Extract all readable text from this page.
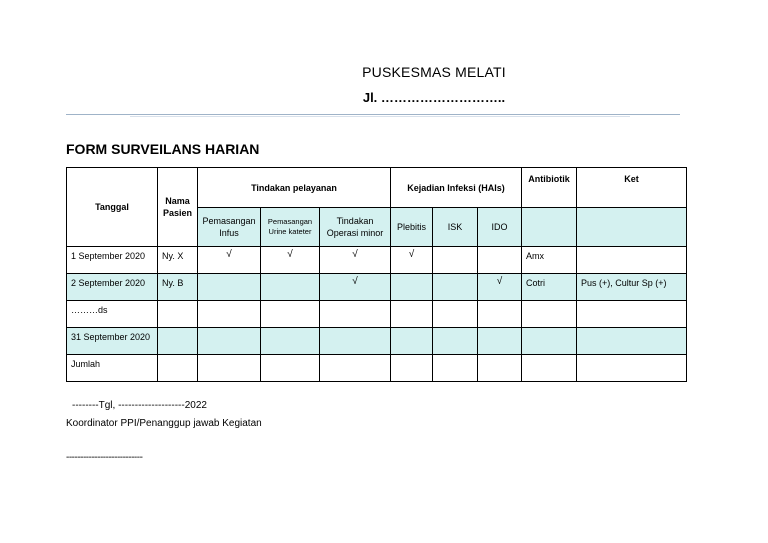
PUSKESMAS MELATI
Jl. ………………………..
FORM SURVEILANS HARIAN
Tanggal	Nama Pasien	Tindakan pelayanan			Kejadian Infeksi (HAIs)			Antibiotik	Ket
		Pemasangan Infus	Pemasangan Urine kateter	Tindakan Operasi minor	Plebitis	ISK	IDO		
1 September 2020	Ny. X	√	√	√	√			Amx	
2 September 2020	Ny. B			√			√	Cotri	Pus (+), Cultur Sp (+)
………ds									
31 September 2020									
Jumlah									
--------Tgl, --------------------2022
Koordinator PPI/Penanggup jawab Kegiatan
---------------------------
